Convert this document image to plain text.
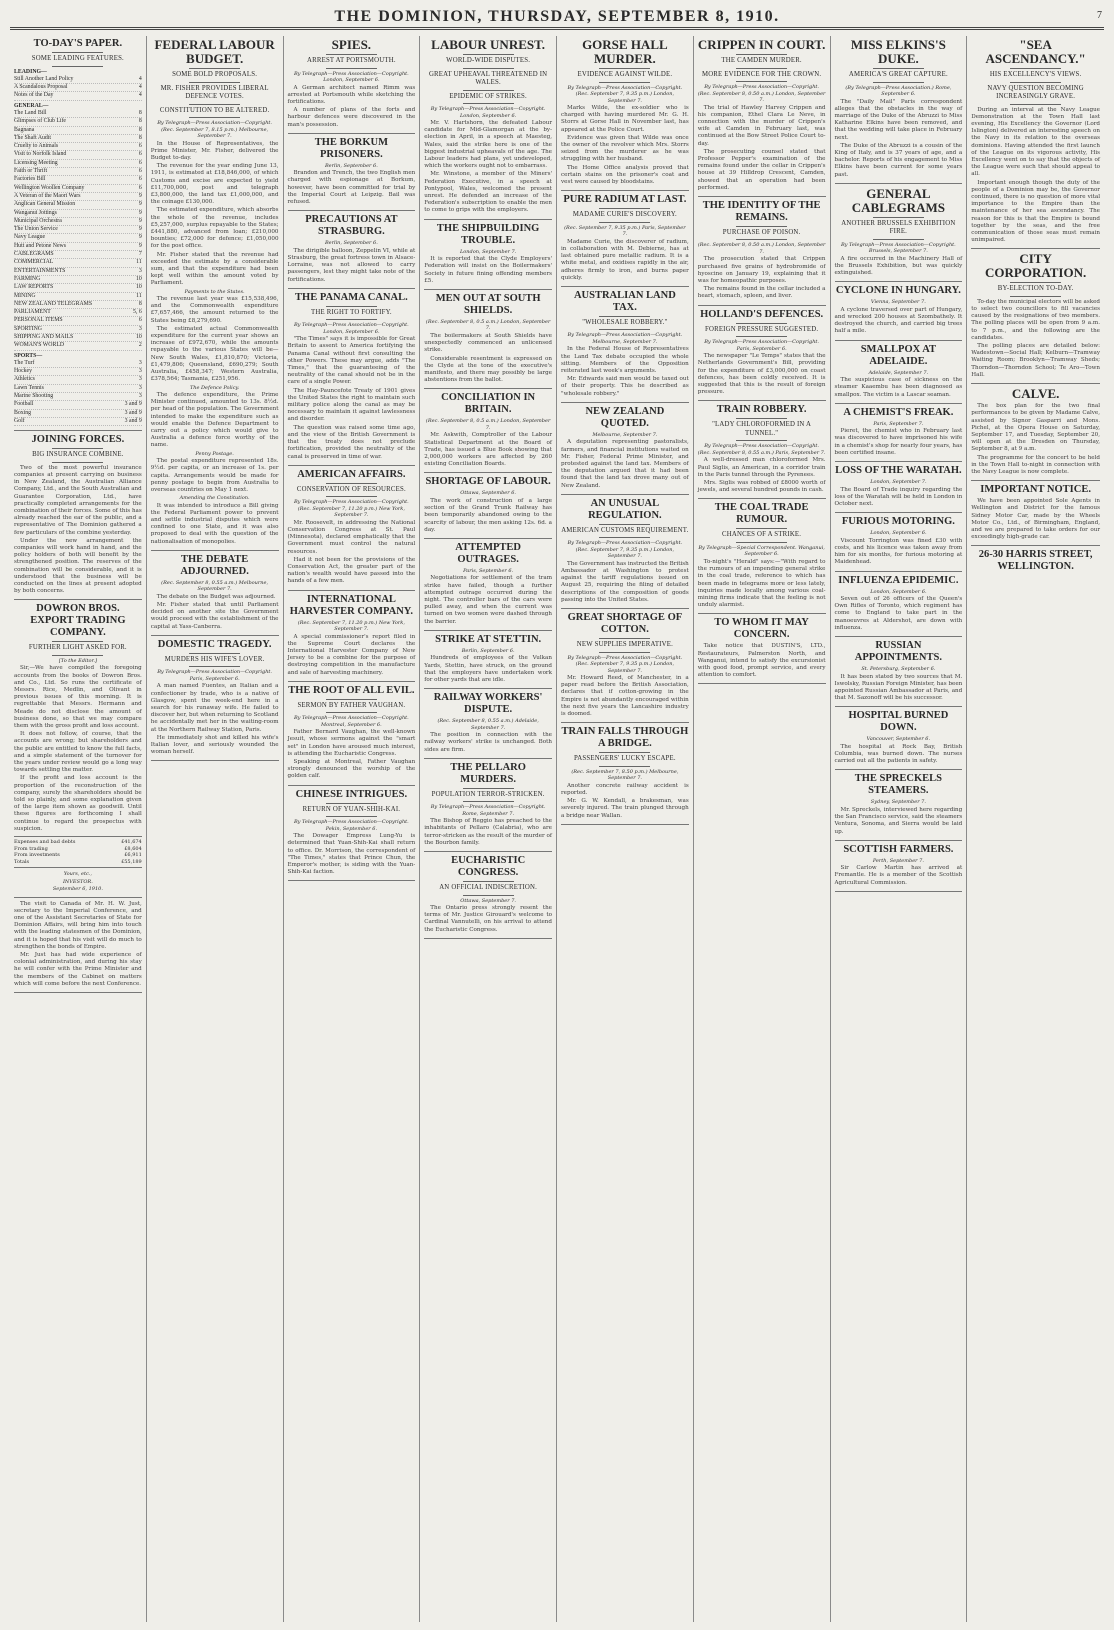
THE DOMINION, THURSDAY, SEPTEMBER 8, 1910.	7
TO-DAY'S PAPER.
SOME LEADING FEATURES.
LEADING—
Still Another Land Policy	4
A Scandalous Proposal	4
Notes of the Day	4
GENERAL—
The Land Bill	8
Glimpses of Club Life	8
Bagnana	8
The Shaft Audit	8
Cruelty to Animals	6
Visit to Norfolk Island	6
Licensing Meeting	6
Faith or Thrift	6
Factories Bill	6
Wellington Woollen Company	6
A Veteran of the Maori Wars	9
Anglican General Mission	9
Wanganui Jottings	9
Municipal Orchestra	9
The Union Service	9
Navy League	9
Hutt and Petone News	9
CABLEGRAMS	7
COMMERCIAL	11
ENTERTAINMENTS	3
FARMING	10
LAW REPORTS	10
MINING	11
NEW ZEALAND TELEGRAMS	8
PARLIAMENT	5, 6
PERSONAL ITEMS	6
SPORTING	3
SHIPPING AND MAILS	10
WOMAN'S WORLD	2
SPORTS—
The Turf	3
Hockey	3
Athletics	3
Lawn Tennis	3
Marine Shooting	3
Football	3 and 9
Boxing	3 and 9
Golf	3 and 9
JOINING FORCES.
BIG INSURANCE COMBINE.

Two of the most powerful insurance companies at present carrying on business in New Zealand, the Australian Alliance Company, Ltd., and the South Australian and Guarantee Corporation, Ltd., have practically completed arrangements for the combination of their forces. Some of this has already reached the ear of the public, and a representative of The Dominion gathered a few particulars of the combine yesterday.

Under the new arrangement the companies will work hand in hand, and the policy holders of both will benefit by the strengthened position. The reserves of the combination will be considerable, and it is understood that the business will be conducted on the lines at present adopted by both concerns.

DOWRON BROS. EXPORT TRADING COMPANY.
FURTHER LIGHT ASKED FOR.
[To the Editor.]

Sir,—We have compiled the foregoing accounts from the books of Dowron Bros. and Co., Ltd. So runs the certificate of Messrs. Rice, Medlin, and Olivant in previous issues of this morning. It is regrettable that Messrs. Hermann and Meade do not disclose the amount of business done, so that we may compare them with the gross profit and loss account.

It does not follow, of course, that the accounts are wrong; but shareholders and the public are entitled to know the full facts, and a simple statement of the turnover for the years under review would go a long way towards settling the matter.

If the profit and loss account is the proportion of the reconstruction of the company, surely the shareholders should be told so plainly, and some explanation given of the large item shown as goodwill. Until these figures are forthcoming I shall continue to regard the prospectus with suspicion.

Expenses and bad debts	£41,674
From trading	£8,604
From investments	£6,911
Totals	£55,189
Yours, etc.,
INVESTOR.
September 6, 1910.

The visit to Canada of Mr. H. W. Just, secretary to the Imperial Conference, and one of the Assistant Secretaries of State for Dominion Affairs, will bring him into touch with the leading statesmen of the Dominion, and it is hoped that his visit will do much to strengthen the bonds of Empire.

Mr. Just has had wide experience of colonial administration, and during his stay he will confer with the Prime Minister and the members of the Cabinet on matters which will come before the next Conference.

FEDERAL LABOUR BUDGET.
SOME BOLD PROPOSALS.
MR. FISHER PROVIDES LIBERAL DEFENCE VOTES.
CONSTITUTION TO BE ALTERED.
By Telegraph—Press Association—Copyright. (Rec. September 7, 8.15 p.m.) Melbourne, September 7.

In the House of Representatives, the Prime Minister, Mr. Fisher, delivered the Budget to-day.

The revenue for the year ending June 13, 1911, is estimated at £18,846,000, of which Customs and excise are expected to yield £11,700,000, post and telegraph £3,800,000, the land tax £1,000,000, and the coinage £130,000.

The estimated expenditure, which absorbs the whole of the revenue, includes £5,257,000, surplus repayable to the States; £441,880, advanced from loan; £210,000 bounties; £72,000 for defence; £1,050,000 for the post office.

Mr. Fisher stated that the revenue had exceeded the estimate by a considerable sum, and that the expenditure had been kept well within the amount voted by Parliament.

Payments to the States.

The revenue last year was £15,538,496, and the Commonwealth expenditure £7,657,466, the amount returned to the States being £8,279,690.

The estimated actual Commonwealth expenditure for the current year shows an increase of £972,670, while the amounts repayable to the various States will be—New South Wales, £1,810,870; Victoria, £1,479,806; Queensland, £690,279; South Australia, £458,347; Western Australia, £378,564; Tasmania, £251,956.

The Defence Policy.

The defence expenditure, the Prime Minister continued, amounted to 13s. 8½d. per head of the population. The Government intended to make the expenditure such as would enable the Defence Department to carry out a policy which would give to Australia a defence force worthy of the name.

Penny Postage.

The postal expenditure represented 18s. 9½d. per capita, or an increase of 1s. per capita. Arrangements would be made for penny postage to begin from Australia to overseas countries on May 1 next.

Amending the Constitution.

It was intended to introduce a Bill giving the Federal Parliament power to prevent and settle industrial disputes which were confined to one State, and it was also proposed to deal with the question of the nationalisation of monopolies.

THE DEBATE ADJOURNED.
(Rec. September 8, 0.55 a.m.) Melbourne, September 7.

The debate on the Budget was adjourned.

Mr. Fisher stated that until Parliament decided on another site the Government would proceed with the establishment of the capital at Yass-Canberra.

DOMESTIC TRAGEDY.
MURDERS HIS WIFE'S LOVER.
By Telegraph—Press Association—Copyright. Paris, September 6.

A man named Fuentes, an Italian and a confectioner by trade, who is a native of Glasgow, spent the week-end here in a search for his runaway wife. He failed to discover her, but when returning to Scotland he accidentally met her in the waiting-room at the Northern Railway Station, Paris.

He immediately shot and killed his wife's Italian lover, and seriously wounded the woman herself.

SPIES.
ARREST AT PORTSMOUTH.
By Telegraph—Press Association—Copyright. London, September 6.

A German architect named Rimm was arrested at Portsmouth while sketching the fortifications.

A number of plans of the forts and harbour defences were discovered in the man's possession.

THE BORKUM PRISONERS.
Berlin, September 6.

Brandon and Trench, the two English men charged with espionage at Borkum, however, have been committed for trial by the Imperial Court at Leipzig. Bail was refused.

PRECAUTIONS AT STRASBURG.
Berlin, September 6.

The dirigible balloon, Zeppelin VI, while at Strasburg, the great fortress town in Alsace-Lorraine, was not allowed to carry passengers, lest they might take note of the fortifications.

THE PANAMA CANAL.
THE RIGHT TO FORTIFY.
By Telegraph—Press Association—Copyright. London, September 6.

"The Times" says it is impossible for Great Britain to assent to America fortifying the Panama Canal without first consulting the other Powers. These may argue, adds "The Times," that the guaranteeing of the neutrality of the canal should not be in the care of a single Power.

The Hay-Pauncefote Treaty of 1901 gives the United States the right to maintain such military police along the canal as may be necessary to maintain it against lawlessness and disorder.

The question was raised some time ago, and the view of the British Government is that the treaty does not preclude fortification, provided the neutrality of the canal is preserved in time of war.

AMERICAN AFFAIRS.
CONSERVATION OF RESOURCES.
By Telegraph—Press Association—Copyright. (Rec. September 7, 11.20 p.m.) New York, September 7.

Mr. Roosevelt, in addressing the National Conservation Congress at St. Paul (Minnesota), declared emphatically that the Government must control the natural resources.

Had it not been for the provisions of the Conservation Act, the greater part of the nation's wealth would have passed into the hands of a few men.

INTERNATIONAL HARVESTER COMPANY.
(Rec. September 7, 11.20 p.m.) New York, September 7.

A special commissioner's report filed in the Supreme Court declares the International Harvester Company of New Jersey to be a combine for the purpose of destroying competition in the manufacture and sale of harvesting machinery.

THE ROOT OF ALL EVIL.
SERMON BY FATHER VAUGHAN.
By Telegraph—Press Association—Copyright. Montreal, September 6.

Father Bernard Vaughan, the well-known Jesuit, whose sermons against the "smart set" in London have aroused much interest, is attending the Eucharistic Congress.

Speaking at Montreal, Father Vaughan strongly denounced the worship of the golden calf.

CHINESE INTRIGUES.
RETURN OF YUAN-SHIH-KAI.
By Telegraph—Press Association—Copyright. Pekin, September 6.

The Dowager Empress Lung-Yu is determined that Yuan-Shih-Kai shall return to office. Dr. Morrison, the correspondent of "The Times," states that Prince Chun, the Emperor's mother, is siding with the Yuan-Shih-Kai faction.

LABOUR UNREST.
WORLD-WIDE DISPUTES.
GREAT UPHEAVAL THREATENED IN WALES.
EPIDEMIC OF STRIKES.
By Telegraph—Press Association—Copyright. London, September 6.

Mr. V. Hartshorn, the defeated Labour candidate for Mid-Glamorgan at the by-election in April, in a speech at Maesteg, Wales, said the strike here is one of the biggest industrial upheavals of the age. The Labour leaders had plans, yet undeveloped, which the workers ought not to embarrass.

Mr. Winstone, a member of the Miners' Federation Executive, in a speech at Pontypool, Wales, welcomed the present unrest. He defended an increase of the Federation's subscription to enable the men to come to grips with the employers.

THE SHIPBUILDING TROUBLE.
London, September 7.

It is reported that the Clyde Employers' Federation will insist on the Boilermakers' Society in future fining offending members £5.

MEN OUT AT SOUTH SHIELDS.
(Rec. September 8, 0.5 a.m.) London, September 7.

The boilermakers at South Shields have unexpectedly commenced an unlicensed strike.

Considerable resentment is expressed on the Clyde at the tone of the executive's manifesto, and there may possibly be large abstentions from the ballot.

CONCILIATION IN BRITAIN.
(Rec. September 8, 0.5 a.m.) London, September 7.

Mr. Askwith, Comptroller of the Labour Statistical Department at the Board of Trade, has issued a Blue Book showing that 2,000,000 workers are affected by 260 existing Conciliation Boards.

SHORTAGE OF LABOUR.
Ottawa, September 6.

The work of construction of a large section of the Grand Trunk Railway has been temporarily abandoned owing to the scarcity of labour, the men asking 12s. 6d. a day.

ATTEMPTED OUTRAGES.
Paris, September 6.

Negotiations for settlement of the tram strike have failed, though a further attempted outrage occurred during the night. The controller bars of the cars were pulled away, and when the current was turned on two women were dashed through the barrier.

STRIKE AT STETTIN.
Berlin, September 6.

Hundreds of employees of the Vulkan Yards, Stettin, have struck, on the ground that the employers have undertaken work for other yards that are idle.

RAILWAY WORKERS' DISPUTE.
(Rec. September 8, 0.55 a.m.) Adelaide, September 7.

The position in connection with the railway workers' strike is unchanged. Both sides are firm.

THE PELLARO MURDERS.
POPULATION TERROR-STRICKEN.
By Telegraph—Press Association—Copyright. Rome, September 7.

The Bishop of Reggio has preached to the inhabitants of Pellaro (Calabria), who are terror-stricken as the result of the murder of the Bourbon family.

EUCHARISTIC CONGRESS.
AN OFFICIAL INDISCRETION.
Ottawa, September 7.

The Ontario press strongly resent the terms of Mr. Justice Girouard's welcome to Cardinal Vannutelli, on his arrival to attend the Eucharistic Congress.

GORSE HALL MURDER.
EVIDENCE AGAINST WILDE.
By Telegraph—Press Association—Copyright. (Rec. September 7, 9.35 p.m.) London, September 7.

Marks Wilde, the ex-soldier who is charged with having murdered Mr. G. H. Storrs at Gorse Hall in November last, has appeared at the Police Court.

Evidence was given that Wilde was once the owner of the revolver which Mrs. Storrs seized from the murderer as he was struggling with her husband.

The Home Office analysis proved that certain stains on the prisoner's coat and vest were caused by bloodstains.

PURE RADIUM AT LAST.
MADAME CURIE'S DISCOVERY.
(Rec. September 7, 9.35 p.m.) Paris, September 7.

Madame Curie, the discoverer of radium, in collaboration with M. Debierne, has at last obtained pure metallic radium. It is a white metal, and oxidises rapidly in the air, adheres firmly to iron, and burns paper quickly.

AUSTRALIAN LAND TAX.
"WHOLESALE ROBBERY."
By Telegraph—Press Association—Copyright. Melbourne, September 7.

In the Federal House of Representatives the Land Tax debate occupied the whole sitting. Members of the Opposition reiterated last week's arguments.

Mr. Edwards said men would be taxed out of their property. This he described as "wholesale robbery."

NEW ZEALAND QUOTED.
Melbourne, September 7.

A deputation representing pastoralists, farmers, and financial institutions waited on Mr. Fisher, Federal Prime Minister, and protested against the land tax. Members of the deputation argued that it had been found that the land tax drove many out of New Zealand.

AN UNUSUAL REGULATION.
AMERICAN CUSTOMS REQUIREMENT.
By Telegraph—Press Association—Copyright. (Rec. September 7, 9.35 p.m.) London, September 7.

The Government has instructed the British Ambassador at Washington to protest against the tariff regulations issued on August 25, requiring the filing of detailed descriptions of the composition of goods passing into the United States.

GREAT SHORTAGE OF COTTON.
NEW SUPPLIES IMPERATIVE.
By Telegraph—Press Association—Copyright. (Rec. September 7, 9.35 p.m.) London, September 7.

Mr. Howard Reed, of Manchester, in a paper read before the British Association, declares that if cotton-growing in the Empire is not abundantly encouraged within the next five years the Lancashire industry is doomed.

TRAIN FALLS THROUGH A BRIDGE.
PASSENGERS' LUCKY ESCAPE.
(Rec. September 7, 8.50 p.m.) Melbourne, September 7.

Another concrete railway accident is reported.

Mr. G. W. Kendall, a brakesman, was severely injured. The train plunged through a bridge near Wallan.

CRIPPEN IN COURT.
THE CAMDEN MURDER.
MORE EVIDENCE FOR THE CROWN.
By Telegraph—Press Association—Copyright. (Rec. September 8, 0.50 a.m.) London, September 7.

The trial of Hawley Harvey Crippen and his companion, Ethel Clara Le Neve, in connection with the murder of Crippen's wife at Camden in February last, was continued at the Bow Street Police Court to-day.

The prosecuting counsel stated that Professor Pepper's examination of the remains found under the cellar in Crippen's house at 39 Hilldrop Crescent, Camden, showed that an operation had been performed.

THE IDENTITY OF THE REMAINS.
PURCHASE OF POISON.
(Rec. September 8, 0.50 a.m.) London, September 7.

The prosecution stated that Crippen purchased five grains of hydrobromide of hyoscine on January 19, explaining that it was for homeopathic purposes.

The remains found in the cellar included a heart, stomach, spleen, and liver.

HOLLAND'S DEFENCES.
FOREIGN PRESSURE SUGGESTED.
By Telegraph—Press Association—Copyright. Paris, September 6.

The newspaper "Le Temps" states that the Netherlands Government's Bill, providing for the expenditure of £3,000,000 on coast defences, has been coldly received. It is suggested that this is the result of foreign pressure.

TRAIN ROBBERY.
"LADY CHLOROFORMED IN A TUNNEL."
By Telegraph—Press Association—Copyright. (Rec. September 8, 0.55 a.m.) Paris, September 7.

A well-dressed man chloroformed Mrs. Paul Siglis, an American, in a corridor train in the Paris tunnel through the Pyrenees.

Mrs. Siglis was robbed of £8000 worth of jewels, and several hundred pounds in cash.

THE COAL TRADE RUMOUR.
CHANCES OF A STRIKE.
By Telegraph—Special Correspondent. Wanganui, September 6.

To-night's "Herald" says:—"With regard to the rumours of an impending general strike in the coal trade, reference to which has been made in telegrams more or less lately, inquiries made locally among various coal-mining firms indicate that the feeling is not unduly alarmist.

TO WHOM IT MAY CONCERN.

Take notice that DUSTIN'S, LTD., Restaurateurs, Palmerston North, and Wanganui, intend to satisfy the excursionist with good food, prompt service, and every attention to comfort.

MISS ELKINS'S DUKE.
AMERICA'S GREAT CAPTURE.
(By Telegraph—Press Association.) Rome, September 6.

The "Daily Mail" Paris correspondent alleges that the obstacles in the way of marriage of the Duke of the Abruzzi to Miss Katharine Elkins have been removed, and that the wedding will take place in February next.

The Duke of the Abruzzi is a cousin of the King of Italy, and is 37 years of age, and a bachelor. Reports of his engagement to Miss Elkins have been current for some years past.

GENERAL CABLEGRAMS
ANOTHER BRUSSELS EXHIBITION FIRE.
By Telegraph—Press Association—Copyright. Brussels, September 7.

A fire occurred in the Machinery Hall of the Brussels Exhibition, but was quickly extinguished.

CYCLONE IN HUNGARY.
Vienna, September 7.

A cyclone traversed over part of Hungary, and wrecked 200 houses at Szombathely. It destroyed the church, and carried big trees half a mile.

SMALLPOX AT ADELAIDE.
Adelaide, September 7.

The suspicious case of sickness on the steamer Kaaembu has been diagnosed as smallpox. The victim is a Lascar seaman.

A CHEMIST'S FREAK.
Paris, September 7.

Pieret, the chemist who in February last was discovered to have imprisoned his wife in a chemist's shop for nearly four years, has been certified insane.

LOSS OF THE WARATAH.
London, September 7.

The Board of Trade inquiry regarding the loss of the Waratah will be held in London in October next.

FURIOUS MOTORING.
London, September 6.

Viscount Torrington was fined £30 with costs, and his licence was taken away from him for six months, for furious motoring at Maidenhead.

INFLUENZA EPIDEMIC.
London, September 6.

Seven out of 26 officers of the Queen's Own Rifles of Toronto, which regiment has come to England to take part in the manoeuvres at Aldershot, are down with influenza.

RUSSIAN APPOINTMENTS.
St. Petersburg, September 6.

It has been stated by two sources that M. Iswolsky, Russian Foreign Minister, has been appointed Russian Ambassador at Paris, and that M. Sazonoff will be his successor.

HOSPITAL BURNED DOWN.
Vancouver, September 6.

The hospital at Rock Bay, British Columbia, was burned down. The nurses carried out all the patients in safety.

THE SPRECKELS STEAMERS.
Sydney, September 7.

Mr. Spreckels, interviewed here regarding the San Francisco service, said the steamers Ventura, Sonoma, and Sierra would be laid up.

SCOTTISH FARMERS.
Perth, September 7.

Sir Carlow Martin has arrived at Fremantle. He is a member of the Scottish Agricultural Commission.

"SEA ASCENDANCY."
HIS EXCELLENCY'S VIEWS.
NAVY QUESTION BECOMING INCREASINGLY GRAVE.

During an interval at the Navy League Demonstration at the Town Hall last evening, His Excellency the Governor (Lord Islington) delivered an interesting speech on the Navy in its relation to the overseas dominions. Having attended the first launch of the League on its vigorous activity, His Excellency went on to say that the objects of the League were such that should appeal to all.

Important enough though the duty of the people of a Dominion may be, the Governor continued, there is no question of more vital importance to the Empire than the maintenance of her sea ascendancy. The reason for this is that the Empire is bound together by the seas, and the free communication of those seas must remain unimpaired.

CITY CORPORATION.
BY-ELECTION TO-DAY.

To-day the municipal electors will be asked to select two councillors to fill vacancies caused by the resignations of two members. The polling places will be open from 9 a.m. to 7 p.m., and the following are the candidates.

The polling places are detailed below: Wadestown—Social Hall; Kelburn—Tramway Waiting Room; Brooklyn—Tramway Sheds; Thorndon—Thorndon School; Te Aro—Town Hall.

CALVE.

The box plan for the two final performances to be given by Madame Calve, assisted by Signor Gasparri and Mons. Pichel, at the Opera House on Saturday, September 17, and Tuesday, September 20, will open at the Dresden on Thursday, September 8, at 9 a.m.

The programme for the concert to be held in the Town Hall to-night in connection with the Navy League is now complete.

IMPORTANT NOTICE.

We have been appointed Sole Agents in Wellington and District for the famous Sidney Motor Car, made by the Wheels Motor Co., Ltd., of Birmingham, England, and we are prepared to take orders for our exceedingly high-grade car.

26-30 HARRIS STREET, WELLINGTON.
